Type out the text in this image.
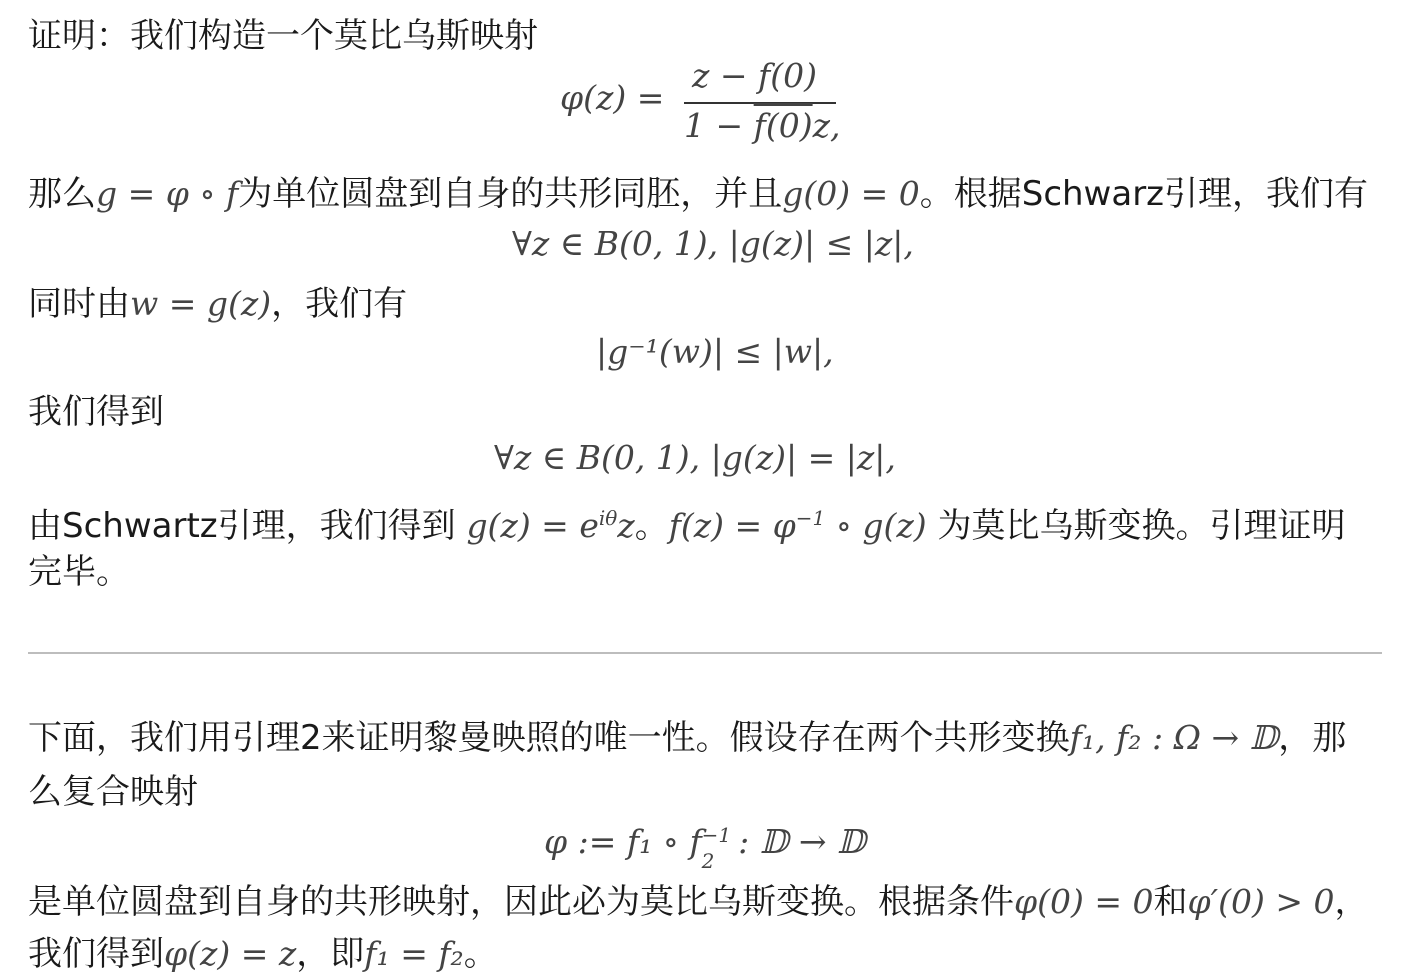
证明：我们构造一个莫比乌斯映射
φ(z) =
z − f(0)
1 − f(0)z,
那么g = φ ∘ f为单位圆盘到自身的共形同胚，并且g(0) = 0。根据Schwarz引理，我们有
∀z ∈ B(0, 1), |g(z)| ≤ |z|,
同时由w = g(z)，我们有
|g⁻¹(w)| ≤ |w|,
我们得到
∀z ∈ B(0, 1), |g(z)| = |z|,
由Schwartz引理，我们得到 $g(z) = e^{i\theta}z$。$f(z) = \varphi^{-1}$ ∘ g(z) 为莫比乌斯变换。引理证明
完毕。
下面，我们用引理2来证明黎曼映照的唯一性。假设存在两个共形变换f₁, f₂ : Ω → 𝔻，那
么复合映射
φ := f₁ ∘ f −1
2 : 𝔻 → 𝔻
是单位圆盘到自身的共形映射，因此必为莫比乌斯变换。根据条件φ(0) = 0和φ′(0) > 0，
我们得到φ(z) = z，即f₁ = f₂。
